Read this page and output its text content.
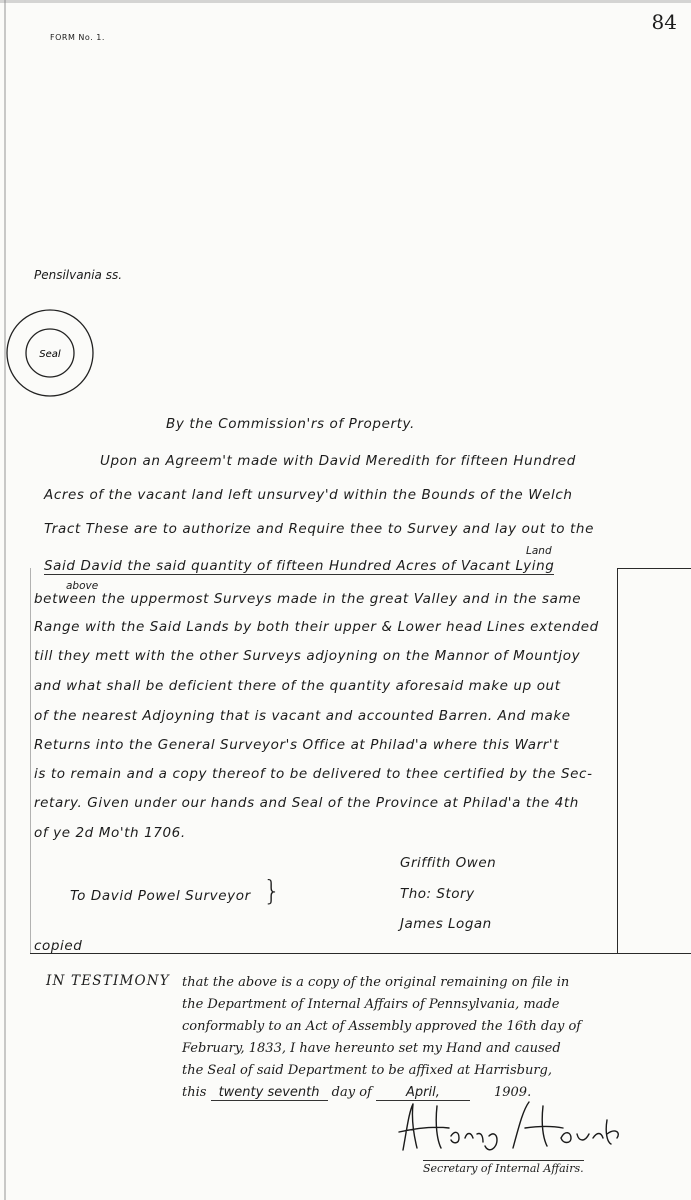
84
FORM No. 1.
Pensilvania ss.
Seal
By the Commission'rs of Property.
Upon an Agreem't made with David Meredith for fifteen Hundred
Acres of the vacant land left unsurvey'd within the Bounds of the Welch
Tract These are to authorize and Require thee to Survey and lay out to the
Land
Said David the said quantity of fifteen Hundred Acres of Vacant Lying
above
between the uppermost Surveys made in the great Valley and in the same
Range with the Said Lands by both their upper & Lower head Lines extended
till they mett with the other Surveys adjoyning on the Mannor of Mountjoy
and what shall be deficient there of the quantity aforesaid make up out
of the nearest Adjoyning that is vacant and accounted Barren. And make
Returns into the General Surveyor's Office at Philad'a where this Warr't
is to remain and a copy thereof to be delivered to thee certified by the Sec-
retary. Given under our hands and Seal of the Province at Philad'a the 4th
of ye 2d Mo'th 1706.
To David Powel Surveyor }
Griffith Owen
Tho: Story
James Logan
copied
IN TESTIMONY that the above is a copy of the original remaining on file in
the Department of Internal Affairs of Pennsylvania, made
conformably to an Act of Assembly approved the 16th day of
February, 1833, I have hereunto set my Hand and caused
the Seal of said Department to be affixed at Harrisburg,
this twenty seventh day of	April,	1909.
Secretary of Internal Affairs.
